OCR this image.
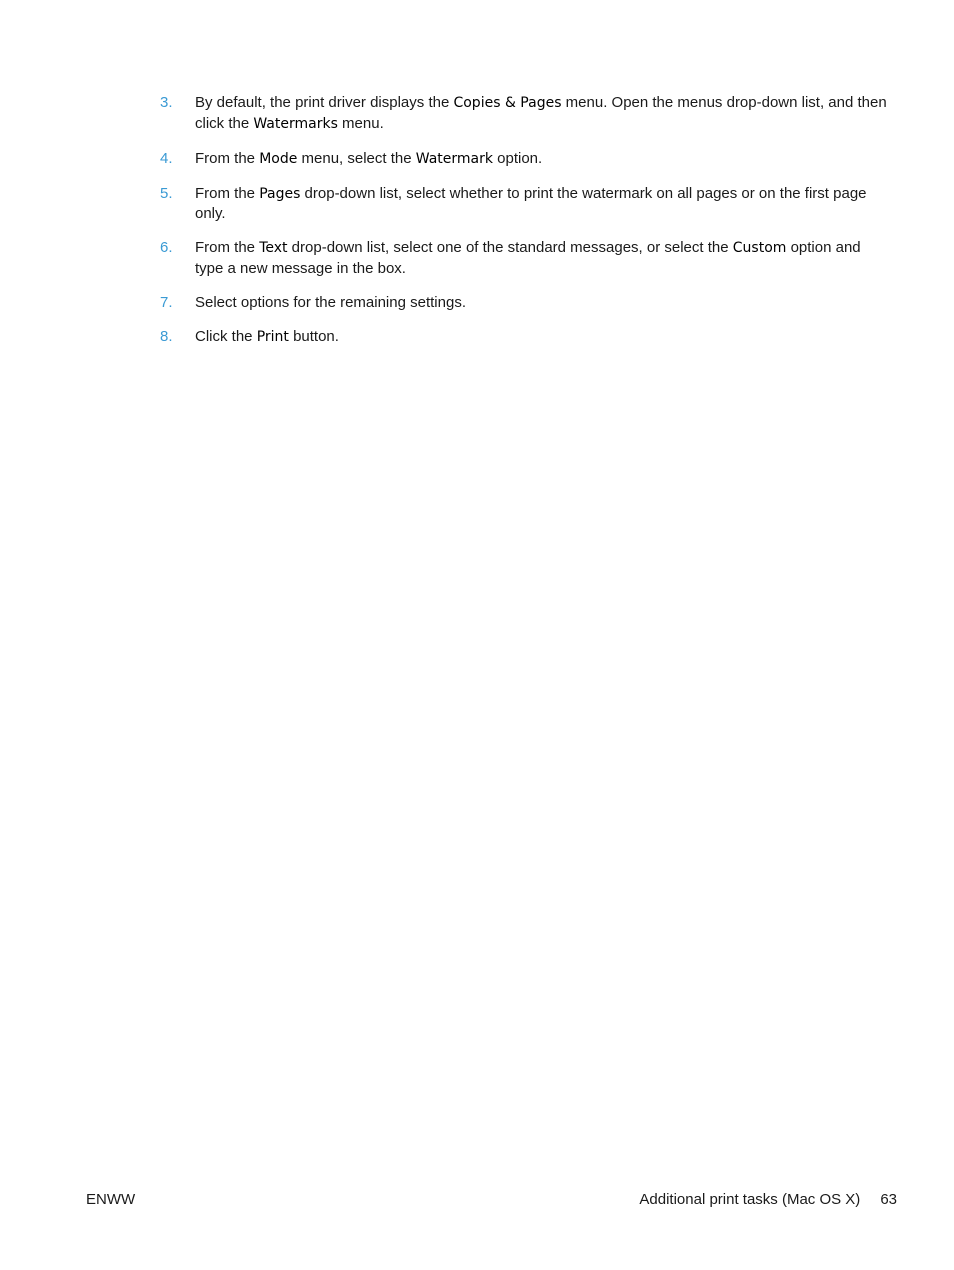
3. By default, the print driver displays the Copies & Pages menu. Open the menus drop-down list, and then click the Watermarks menu.
4. From the Mode menu, select the Watermark option.
5. From the Pages drop-down list, select whether to print the watermark on all pages or on the first page only.
6. From the Text drop-down list, select one of the standard messages, or select the Custom option and type a new message in the box.
7. Select options for the remaining settings.
8. Click the Print button.
ENWW	Additional print tasks (Mac OS X) 63
